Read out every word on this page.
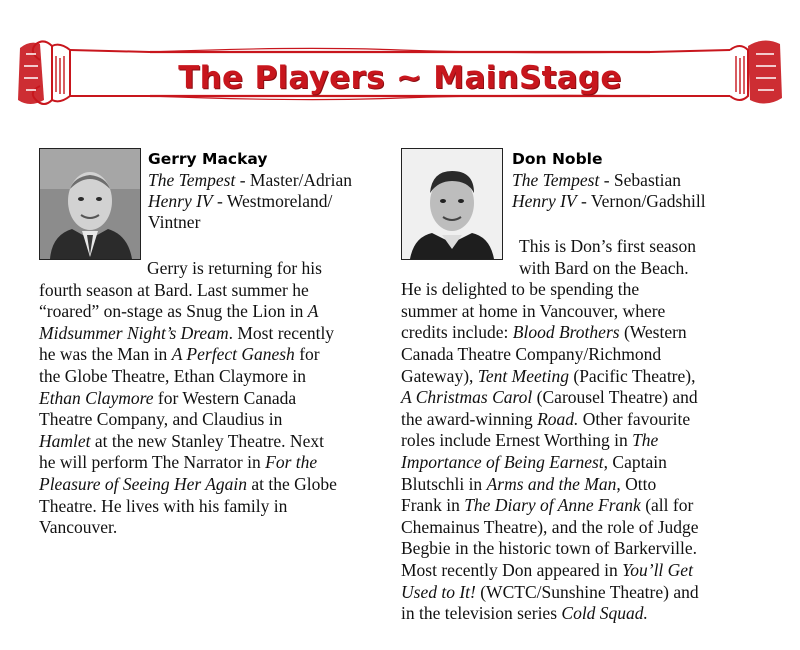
The Players ~ MainStage
Gerry Mackay
The Tempest - Master/Adrian
Henry IV - Westmoreland/
Vintner
Gerry is returning for his
fourth season at Bard. Last summer he
“roared” on-stage as Snug the Lion in A
Midsummer Night’s Dream. Most recently
he was the Man in A Perfect Ganesh for
the Globe Theatre, Ethan Claymore in
Ethan Claymore for Western Canada
Theatre Company, and Claudius in
Hamlet at the new Stanley Theatre. Next
he will perform The Narrator in For the
Pleasure of Seeing Her Again at the Globe
Theatre. He lives with his family in
Vancouver.
Don Noble
The Tempest - Sebastian
Henry IV - Vernon/Gadshill
This is Don’s first season
with Bard on the Beach.
He is delighted to be spending the
summer at home in Vancouver, where
credits include: Blood Brothers (Western
Canada Theatre Company/Richmond
Gateway), Tent Meeting (Pacific Theatre),
A Christmas Carol (Carousel Theatre) and
the award-winning Road. Other favourite
roles include Ernest Worthing in The
Importance of Being Earnest, Captain
Blutschli in Arms and the Man, Otto
Frank in The Diary of Anne Frank (all for
Chemainus Theatre), and the role of Judge
Begbie in the historic town of Barkerville.
Most recently Don appeared in You’ll Get
Used to It! (WCTC/Sunshine Theatre) and
in the television series Cold Squad.
